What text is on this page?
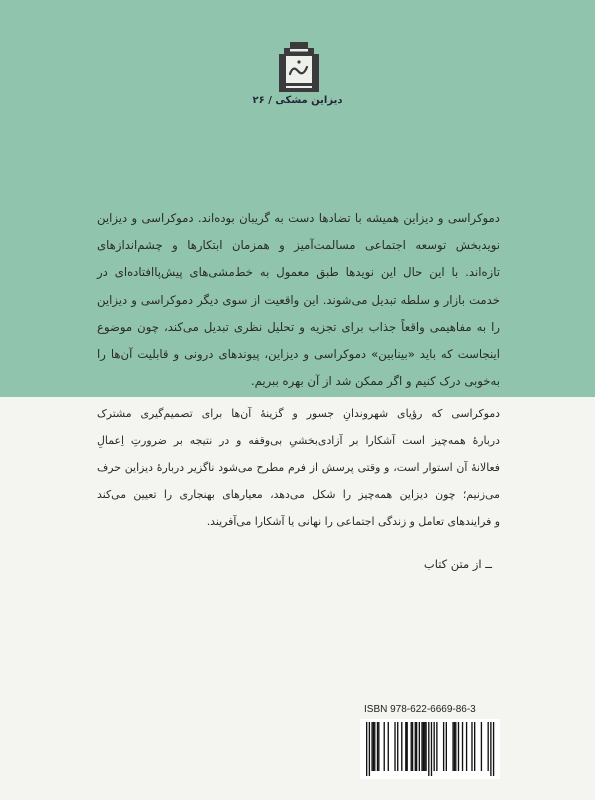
دیزاین مشکی / ۲۶
دموکراسی و دیزاین همیشه با تضادها دست به گریبان بوده‌اند. دموکراسی و دیزاین
نویدبخش توسعه اجتماعی مسالمت‌آمیز و همزمان ابتکارها و چشم‌اندازهای
تازه‌اند. با این حال این نویدها طبق معمول به خط‌مشی‌های پیش‌پاافتاده‌ای در
خدمت بازار و سلطه تبدیل می‌شوند. این واقعیت از سوی دیگر دموکراسی و دیزاین
را به مفاهیمی واقعاً جذاب برای تجزیه و تحلیل نظری تبدیل می‌کند، چون موضوع
اینجاست که باید «بینابین» دموکراسی و دیزاین، پیوندهای درونی و قابلیت آن‌ها را
به‌خوبی درک کنیم و اگر ممکن شد از آن بهره ببریم.
دموکراسی که رؤیای شهروندانِ جسور و گزینهٔ آن‌ها برای تصمیم‌گیری مشترک
دربارهٔ همه‌چیز است آشکارا بر آزادی‌بخشیِ بی‌وقفه و در نتیجه بر ضرورتِ اِعمالِ
فعالانهٔ آن استوار است، و وقتی پرسش از فرم مطرح می‌شود ناگزیر دربارهٔ دیزاین حرف
می‌زنیم؛ چون دیزاین همه‌چیز را شکل می‌دهد، معیارهای بهنجاری را تعیین می‌کند
و فرایندهای تعامل و زندگی اجتماعی را نهانی یا آشکارا می‌آفریند.
ــ از متن کتاب
ISBN 978-622-6669-86-3
